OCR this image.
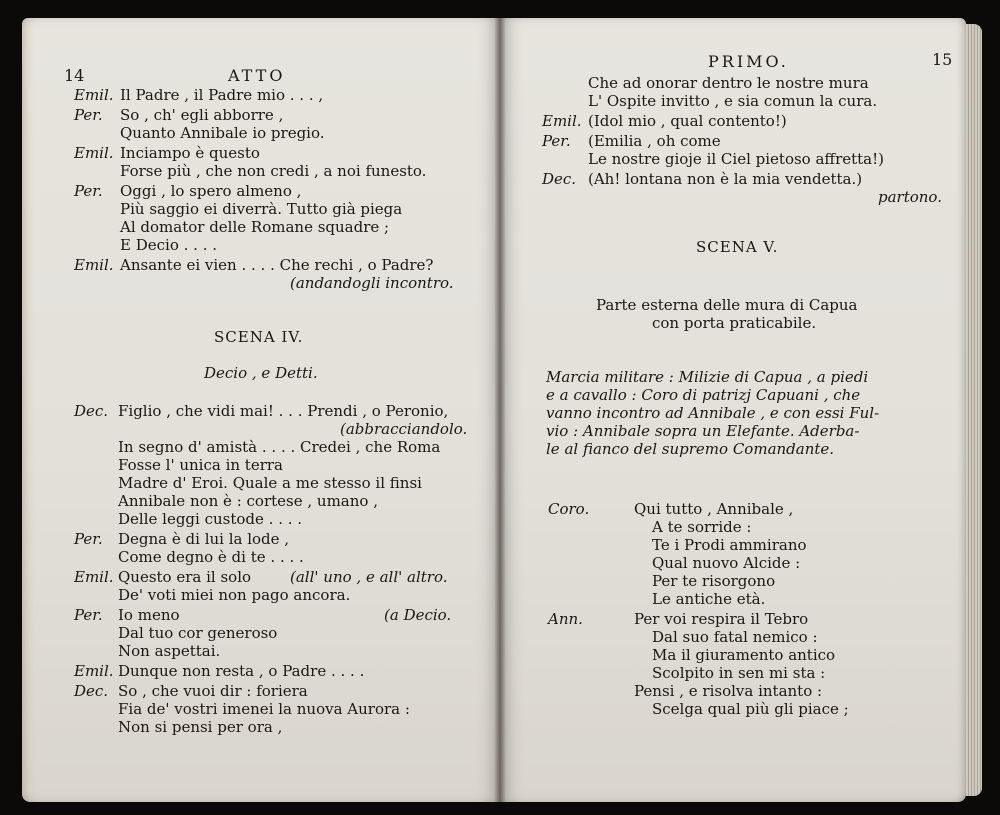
14	ATTO
Emil. Il Padre , il Padre mio . . . ,
Per. So , ch' egli abborre ,
Quanto Annibale io pregio.
Emil. Inciampo è questo
Forse più , che non credi , a noi funesto.
Per. Oggi , lo spero almeno ,
Più saggio ei diverrà. Tutto già piega
Al domator delle Romane squadre ;
E Decio . . . .
Emil. Ansante ei vien . . . . Che rechi , o Padre?
(andandogli incontro.
SCENA IV.
Decio , e Detti.
Dec. Figlio , che vidi mai! . . . Prendi , o Peronio,
(abbracciandolo.
In segno d' amistà . . . . Credei , che Roma
Fosse l' unica in terra
Madre d' Eroi. Quale a me stesso il finsi
Annibale non è : cortese , umano ,
Delle leggi custode . . . .
Per. Degna è di lui la lode ,
Come degno è di te . . . .
Emil. Questo era il solo	(all' uno , e all' altro.
De' voti miei non pago ancora.
Per. Io meno	(a Decio.
Dal tuo cor generoso
Non aspettai.
Emil. Dunque non resta , o Padre . . . .
Dec. So , che vuoi dir : foriera
Fia de' vostri imenei la nuova Aurora :
Non si pensi per ora ,
PRIMO.	15
Che ad onorar dentro le nostre mura
L' Ospite invitto , e sia comun la cura.
Emil. (Idol mio , qual contento!)
Per. (Emilia , oh come
Le nostre gioje il Ciel pietoso affretta!)
Dec. (Ah! lontana non è la mia vendetta.)
partono.
SCENA V.
Parte esterna delle mura di Capua
con porta praticabile.
Marcia militare : Milizie di Capua , a piedi
e a cavallo : Coro di patrizj Capuani , che
vanno incontro ad Annibale , e con essi Ful-
vio : Annibale sopra un Elefante. Aderba-
le al fianco del supremo Comandante.
Coro.	Qui tutto , Annibale ,
A te sorride :
Te i Prodi ammirano
Qual nuovo Alcide :
Per te risorgono
Le antiche età.
Ann.	Per voi respira il Tebro
Dal suo fatal nemico :
Ma il giuramento antico
Scolpito in sen mi sta :
Pensi , e risolva intanto :
Scelga qual più gli piace ;
